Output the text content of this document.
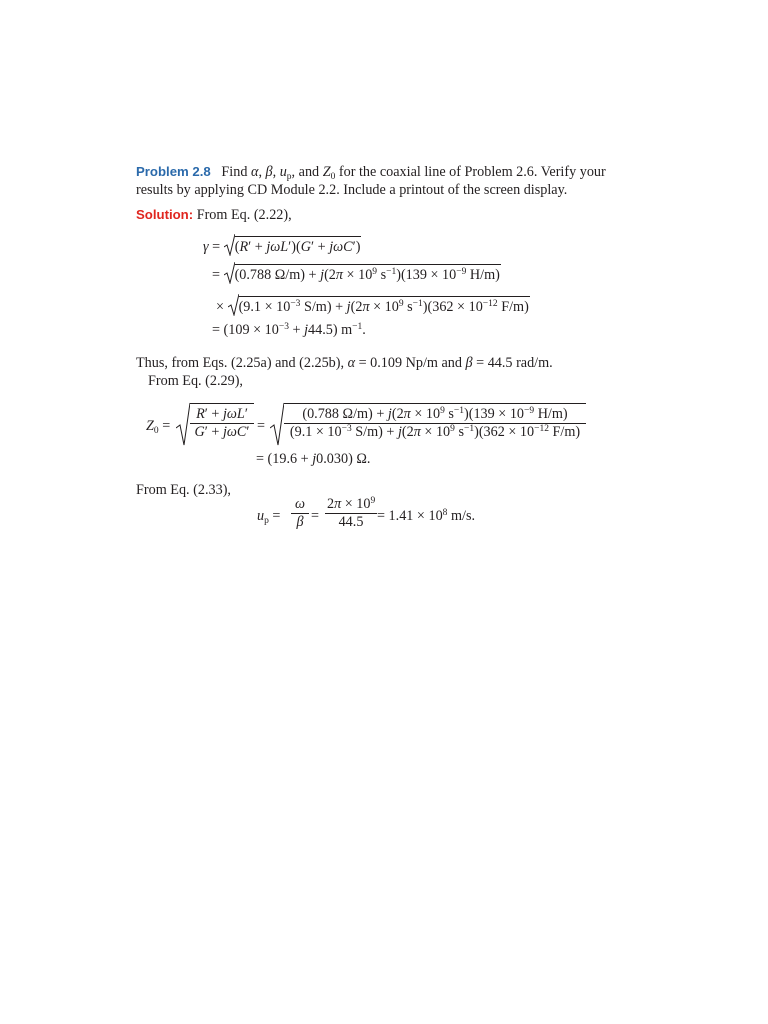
Problem 2.8 Find α, β, $u_p$, and $Z_0$ for the coaxial line of Problem 2.6. Verify your
results by applying CD Module 2.2. Include a printout of the screen display.
Solution: From Eq. (2.22),
γ =
(R′ + jωL′)(G′ + jωC′)
=
(0.788 $\Omega/m) + j(2\pi \times 10^9$ $s^{-1})(139 \times 10^{-9}$ H/m)
×
($9.1 \times 10^{-3}$ $S/m) + j(2\pi \times 10^9$ $s^{-1})(362 \times 10^{-12}$ F/m)
= $(109 \times 10^{-3} + j44.5)$ $m^{-1}$.
Thus, from Eqs. (2.25a) and (2.25b), α = 0.109 Np/m and β = 44.5 rad/m.
From Eq. (2.29),
$Z_0$ =
R′ + jωL′
$G' + j\omega C' = \frac{(0.788 \Omega/m) + j(2\pi \times 10^9 s^{-1})(139 \times 10^{-9} H/m)}{(9.1 \times 10^{-3} S/m) + j(2\pi \times 10^9 s^{-1})(362 \times 10^{-12} F/m)}$
= (19.6 + j0.030) Ω.
From Eq. (2.33),
$u_p = \frac{\omega}{\beta} = \frac{2\pi \times 10^9}{44.5} = 1.41 \times 10^8$ m/s.
